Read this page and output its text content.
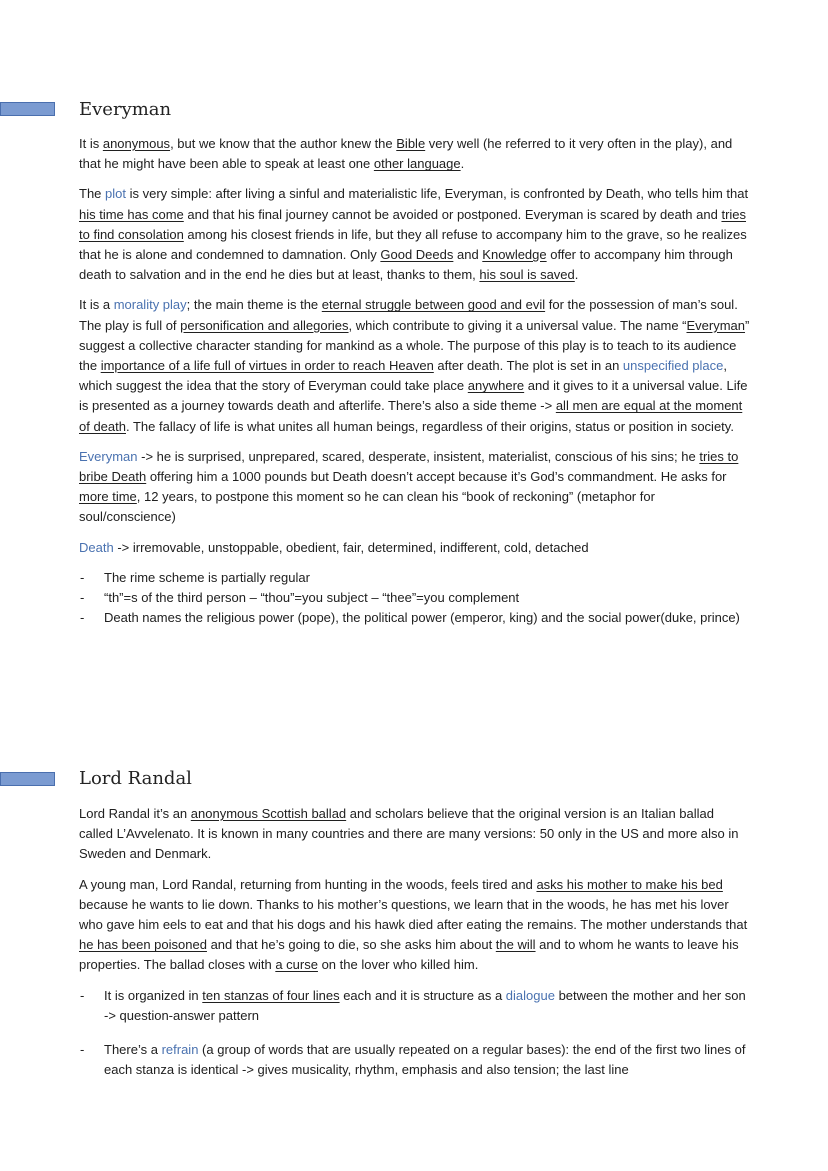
Everyman

It is anonymous, but we know that the author knew the Bible very well (he referred to it very often in the play), and that he might have been able to speak at least one other language.

The plot is very simple: after living a sinful and materialistic life, Everyman, is confronted by Death, who tells him that his time has come and that his final journey cannot be avoided or postponed. Everyman is scared by death and tries to find consolation among his closest friends in life, but they all refuse to accompany him to the grave, so he realizes that he is alone and condemned to damnation. Only Good Deeds and Knowledge offer to accompany him through death to salvation and in the end he dies but at least, thanks to them, his soul is saved.

It is a morality play; the main theme is the eternal struggle between good and evil for the possession of man’s soul. The play is full of personification and allegories, which contribute to giving it a universal value. The name “Everyman” suggest a collective character standing for mankind as a whole. The purpose of this play is to teach to its audience the importance of a life full of virtues in order to reach Heaven after death. The plot is set in an unspecified place, which suggest the idea that the story of Everyman could take place anywhere and it gives to it a universal value. Life is presented as a journey towards death and afterlife. There’s also a side theme -> all men are equal at the moment of death. The fallacy of life is what unites all human beings, regardless of their origins, status or position in society.

Everyman -> he is surprised, unprepared, scared, desperate, insistent, materialist, conscious of his sins; he tries to bribe Death offering him a 1000 pounds but Death doesn’t accept because it’s God’s commandment. He asks for more time, 12 years, to postpone this moment so he can clean his “book of reckoning” (metaphor for soul/conscience)

Death -> irremovable, unstoppable, obedient, fair, determined, indifferent, cold, detached

- The rime scheme is partially regular
- “th”=s of the third person – “thou”=you subject – “thee”=you complement
- Death names the religious power (pope), the political power (emperor, king) and the social power(duke, prince)
Lord Randal

Lord Randal it’s an anonymous Scottish ballad and scholars believe that the original version is an Italian ballad called L’Avvelenato. It is known in many countries and there are many versions: 50 only in the US and more also in Sweden and Denmark.

A young man, Lord Randal, returning from hunting in the woods, feels tired and asks his mother to make his bed because he wants to lie down. Thanks to his mother’s questions, we learn that in the woods, he has met his lover who gave him eels to eat and that his dogs and his hawk died after eating the remains. The mother understands that he has been poisoned and that he’s going to die, so she asks him about the will and to whom he wants to leave his properties. The ballad closes with a curse on the lover who killed him.

- It is organized in ten stanzas of four lines each and it is structure as a dialogue between the mother and her son -> question-answer pattern
- There’s a refrain (a group of words that are usually repeated on a regular bases): the end of the first two lines of each stanza is identical -> gives musicality, rhythm, emphasis and also tension; the last line
